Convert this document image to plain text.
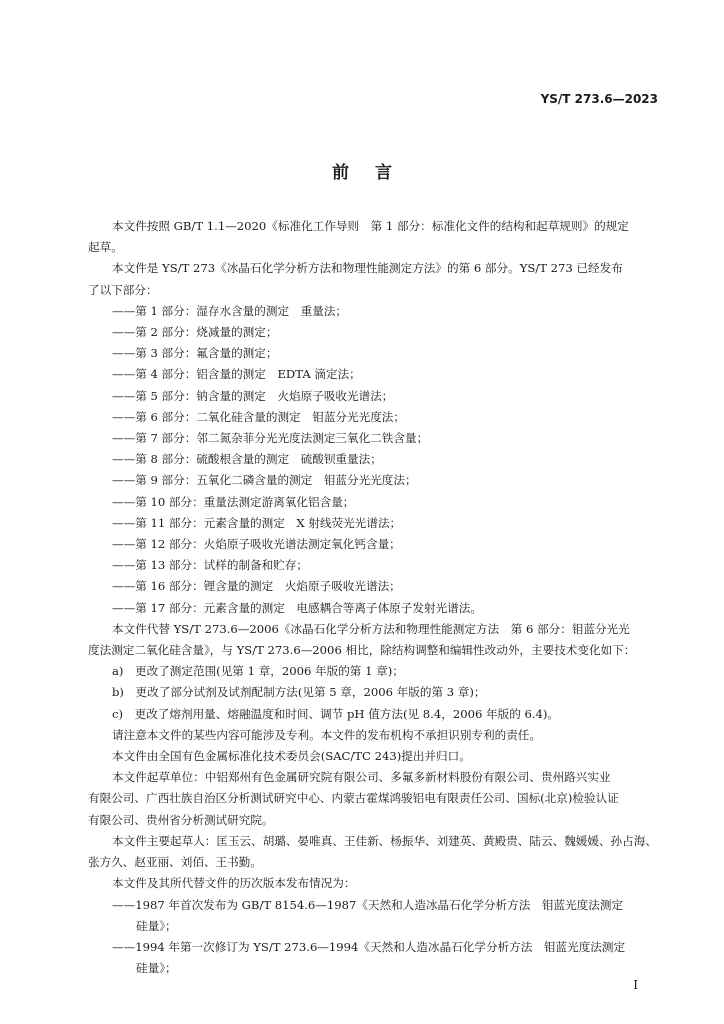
YS/T 273.6—2023
前言

本文件按照 GB/T 1.1—2020《标准化工作导则　第 1 部分：标准化文件的结构和起草规则》的规定

起草。

本文件是 YS/T 273《冰晶石化学分析方法和物理性能测定方法》的第 6 部分。YS/T 273 已经发布

了以下部分：

——第 1 部分：湿存水含量的测定　重量法；

——第 2 部分：烧减量的测定；

——第 3 部分：氟含量的测定；

——第 4 部分：铝含量的测定　EDTA 滴定法；

——第 5 部分：钠含量的测定　火焰原子吸收光谱法；

——第 6 部分：二氧化硅含量的测定　钼蓝分光光度法；

——第 7 部分：邻二氮杂菲分光光度法测定三氧化二铁含量；

——第 8 部分：硫酸根含量的测定　硫酸钡重量法；

——第 9 部分：五氧化二磷含量的测定　钼蓝分光光度法；

——第 10 部分：重量法测定游离氧化铝含量；

——第 11 部分：元素含量的测定　X 射线荧光光谱法；

——第 12 部分：火焰原子吸收光谱法测定氧化钙含量；

——第 13 部分：试样的制备和贮存；

——第 16 部分：锂含量的测定　火焰原子吸收光谱法；

——第 17 部分：元素含量的测定　电感耦合等离子体原子发射光谱法。

本文件代替 YS/T 273.6—2006《冰晶石化学分析方法和物理性能测定方法　第 6 部分：钼蓝分光光

度法测定二氧化硅含量》，与 YS/T 273.6—2006 相比，除结构调整和编辑性改动外，主要技术变化如下：

a)　更改了测定范围(见第 1 章，2006 年版的第 1 章)；

b)　更改了部分试剂及试剂配制方法(见第 5 章，2006 年版的第 3 章)；

c)　更改了熔剂用量、熔融温度和时间、调节 pH 值方法(见 8.4，2006 年版的 6.4)。

请注意本文件的某些内容可能涉及专利。本文件的发布机构不承担识别专利的责任。

本文件由全国有色金属标准化技术委员会(SAC/TC 243)提出并归口。

本文件起草单位：中铝郑州有色金属研究院有限公司、多氟多新材料股份有限公司、贵州路兴实业

有限公司、广西壮族自治区分析测试研究中心、内蒙古霍煤鸿骏铝电有限责任公司、国标(北京)检验认证

有限公司、贵州省分析测试研究院。

本文件主要起草人：匡玉云、胡璐、晏唯真、王佳新、杨振华、刘建英、黄殿贵、陆云、魏媛媛、孙占海、

张方久、赵亚丽、刘佰、王书勤。

本文件及其所代替文件的历次版本发布情况为：

——1987 年首次发布为 GB/T 8154.6—1987《天然和人造冰晶石化学分析方法　钼蓝光度法测定

硅量》；

——1994 年第一次修订为 YS/T 273.6—1994《天然和人造冰晶石化学分析方法　钼蓝光度法测定

硅量》；

I
